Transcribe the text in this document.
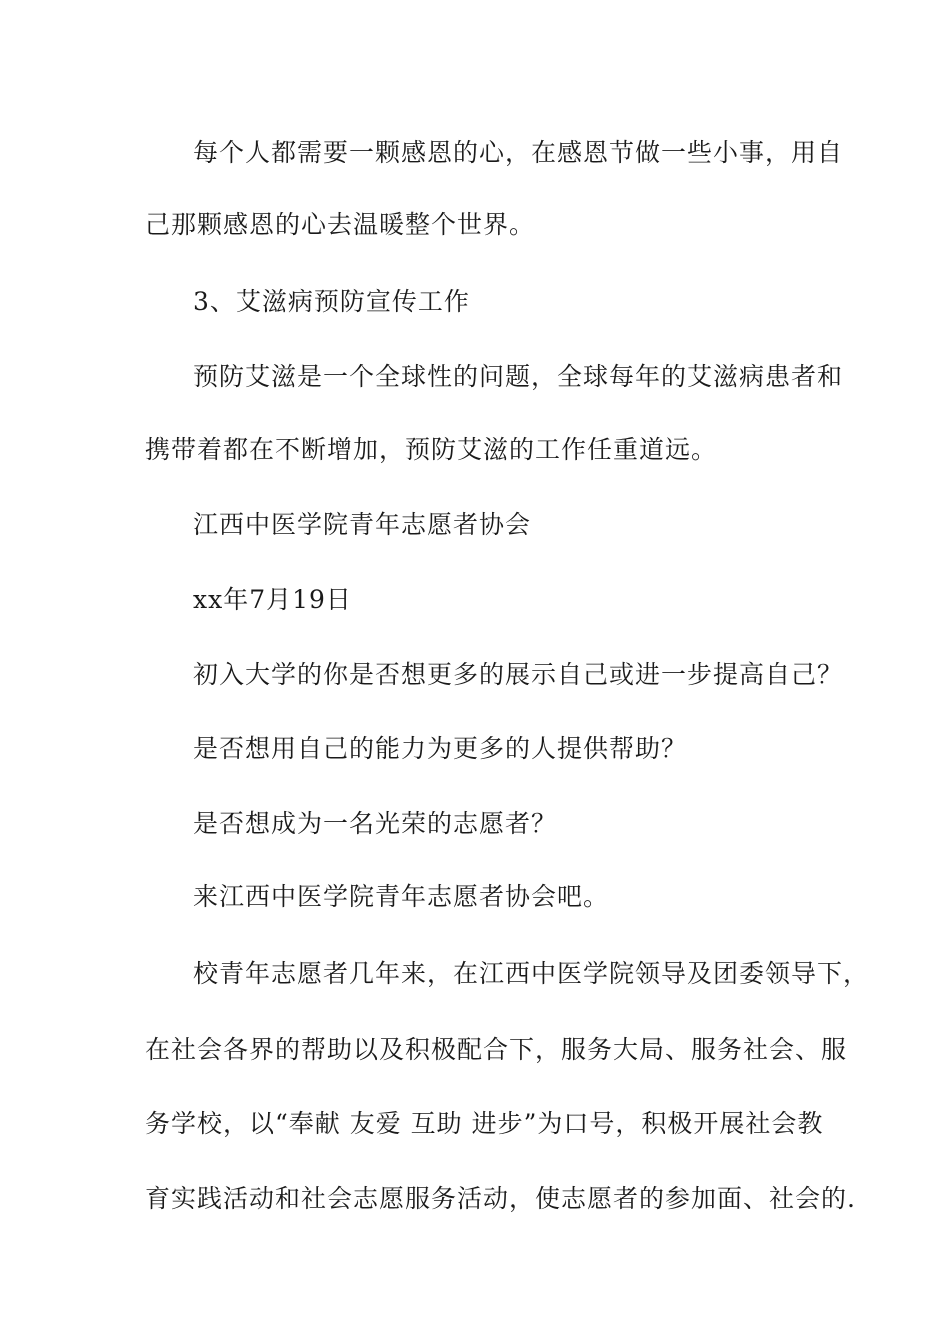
每个人都需要一颗感恩的心，在感恩节做一些小事，用自
己那颗感恩的心去温暖整个世界。
3、艾滋病预防宣传工作
预防艾滋是一个全球性的问题，全球每年的艾滋病患者和
携带着都在不断增加，预防艾滋的工作任重道远。
江西中医学院青年志愿者协会
xx年7月19日
初入大学的你是否想更多的展示自己或进一步提高自己？
是否想用自己的能力为更多的人提供帮助？
是否想成为一名光荣的志愿者？
来江西中医学院青年志愿者协会吧。
校青年志愿者几年来，在江西中医学院领导及团委领导下，
在社会各界的帮助以及积极配合下，服务大局、服务社会、服
务学校，以“奉献 友爱 互助 进步”为口号，积极开展社会教
育实践活动和社会志愿服务活动，使志愿者的参加面、社会的.
